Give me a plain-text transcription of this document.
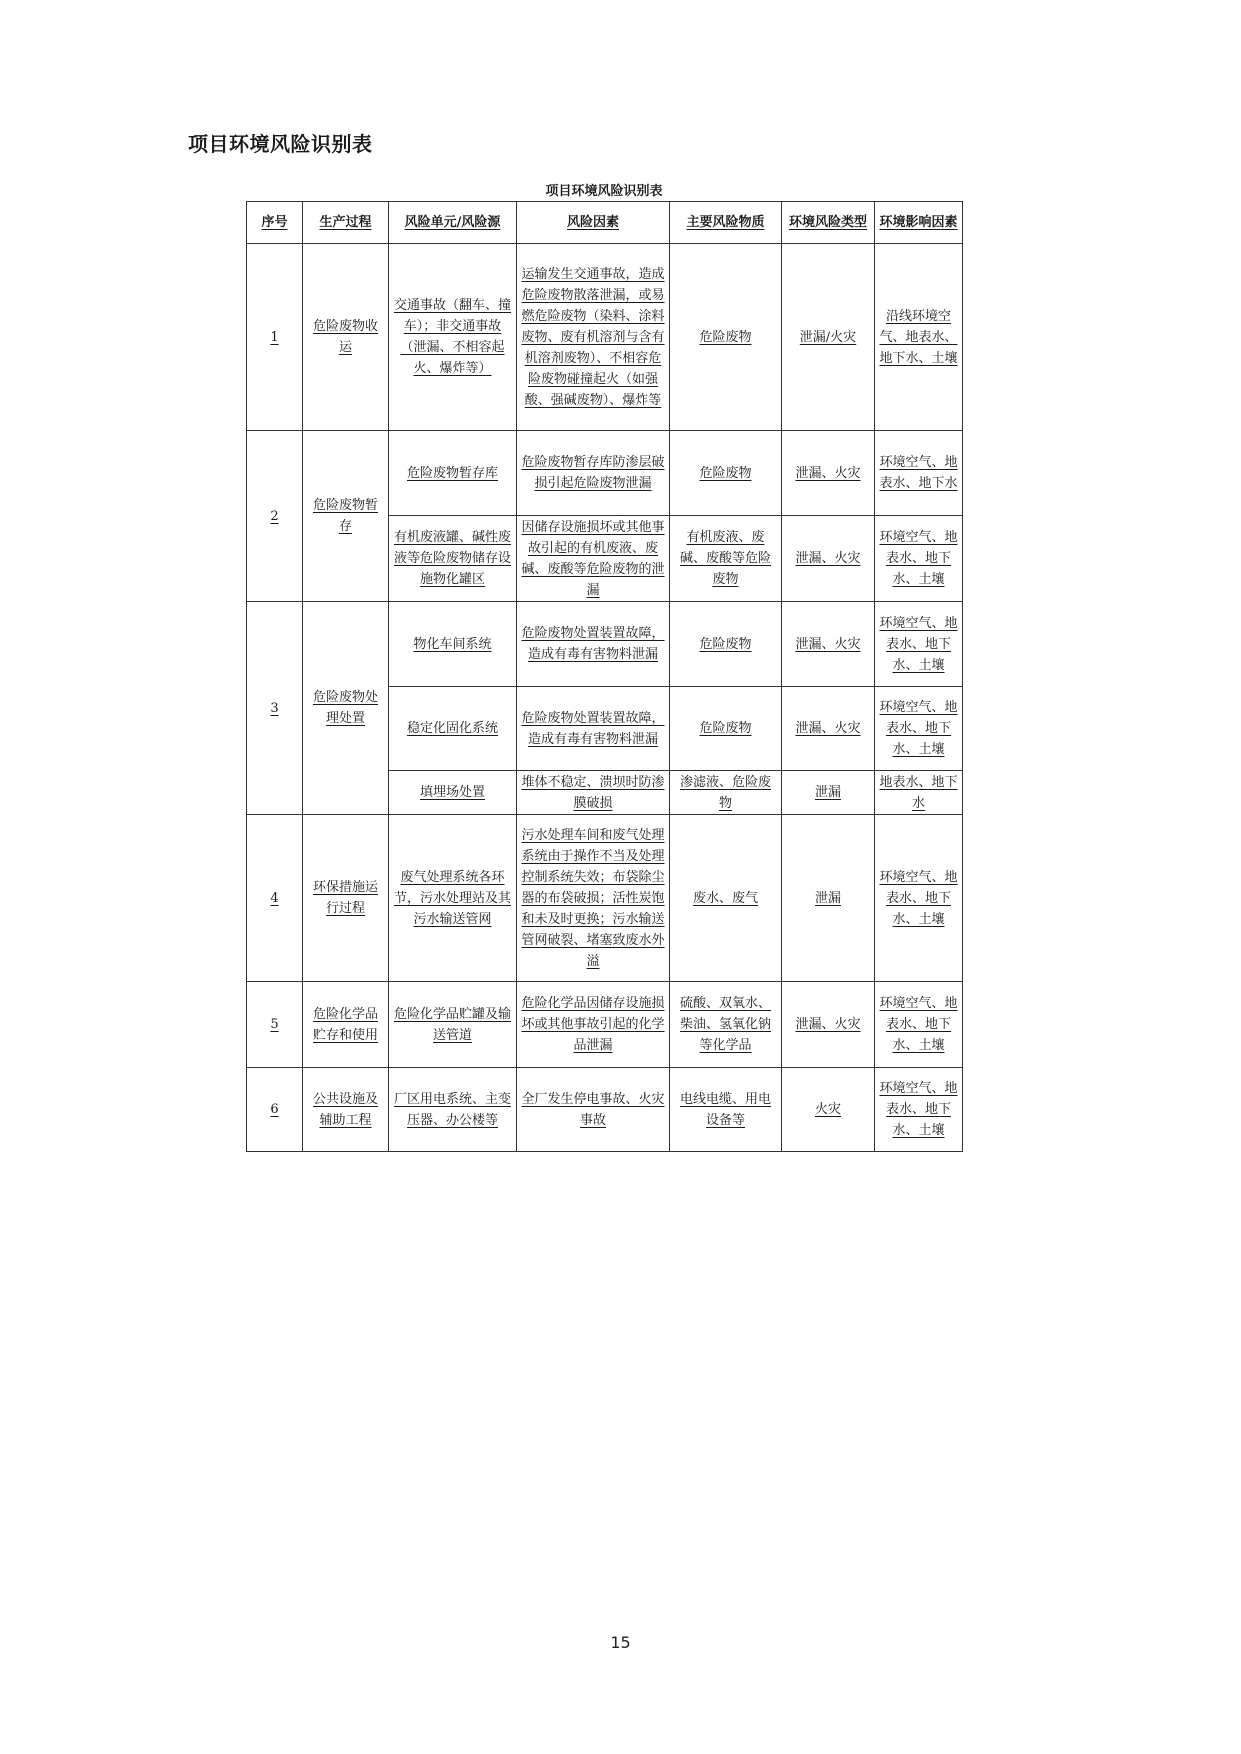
项目环境风险识别表
项目环境风险识别表
序号	生产过程	风险单元/风险源	风险因素	主要风险物质	环境风险类型	环境影响因素
1	危险废物收运	交通事故（翻车、撞车）；非交通事故（泄漏、不相容起火、爆炸等）	运输发生交通事故，造成危险废物散落泄漏，或易燃危险废物（染料、涂料废物、废有机溶剂与含有机溶剂废物）、不相容危险废物碰撞起火（如强酸、强碱废物）、爆炸等	危险废物	泄漏/火灾	沿线环境空气、地表水、地下水、土壤
2	危险废物暂存	危险废物暂存库	危险废物暂存库防渗层破损引起危险废物泄漏	危险废物	泄漏、火灾	环境空气、地表水、地下水
		有机废液罐、碱性废液等危险废物储存设施物化罐区	因储存设施损坏或其他事故引起的有机废液、废碱、废酸等危险废物的泄漏	有机废液、废碱、废酸等危险废物	泄漏、火灾	环境空气、地表水、地下水、土壤
3	危险废物处理处置	物化车间系统	危险废物处置装置故障，造成有毒有害物料泄漏	危险废物	泄漏、火灾	环境空气、地表水、地下水、土壤
		稳定化固化系统	危险废物处置装置故障，造成有毒有害物料泄漏	危险废物	泄漏、火灾	环境空气、地表水、地下水、土壤
		填埋场处置	堆体不稳定、溃坝时防渗膜破损	渗滤液、危险废物	泄漏	地表水、地下水
4	环保措施运行过程	废气处理系统各环节，污水处理站及其污水输送管网	污水处理车间和废气处理系统由于操作不当及处理控制系统失效；布袋除尘器的布袋破损；活性炭饱和未及时更换；污水输送管网破裂、堵塞致废水外溢	废水、废气	泄漏	环境空气、地表水、地下水、土壤
5	危险化学品贮存和使用	危险化学品贮罐及输送管道	危险化学品因储存设施损坏或其他事故引起的化学品泄漏	硫酸、双氧水、柴油、氢氧化钠等化学品	泄漏、火灾	环境空气、地表水、地下水、土壤
6	公共设施及辅助工程	厂区用电系统、主变压器、办公楼等	全厂发生停电事故、火灾事故	电线电缆、用电设备等	火灾	环境空气、地表水、地下水、土壤
15
